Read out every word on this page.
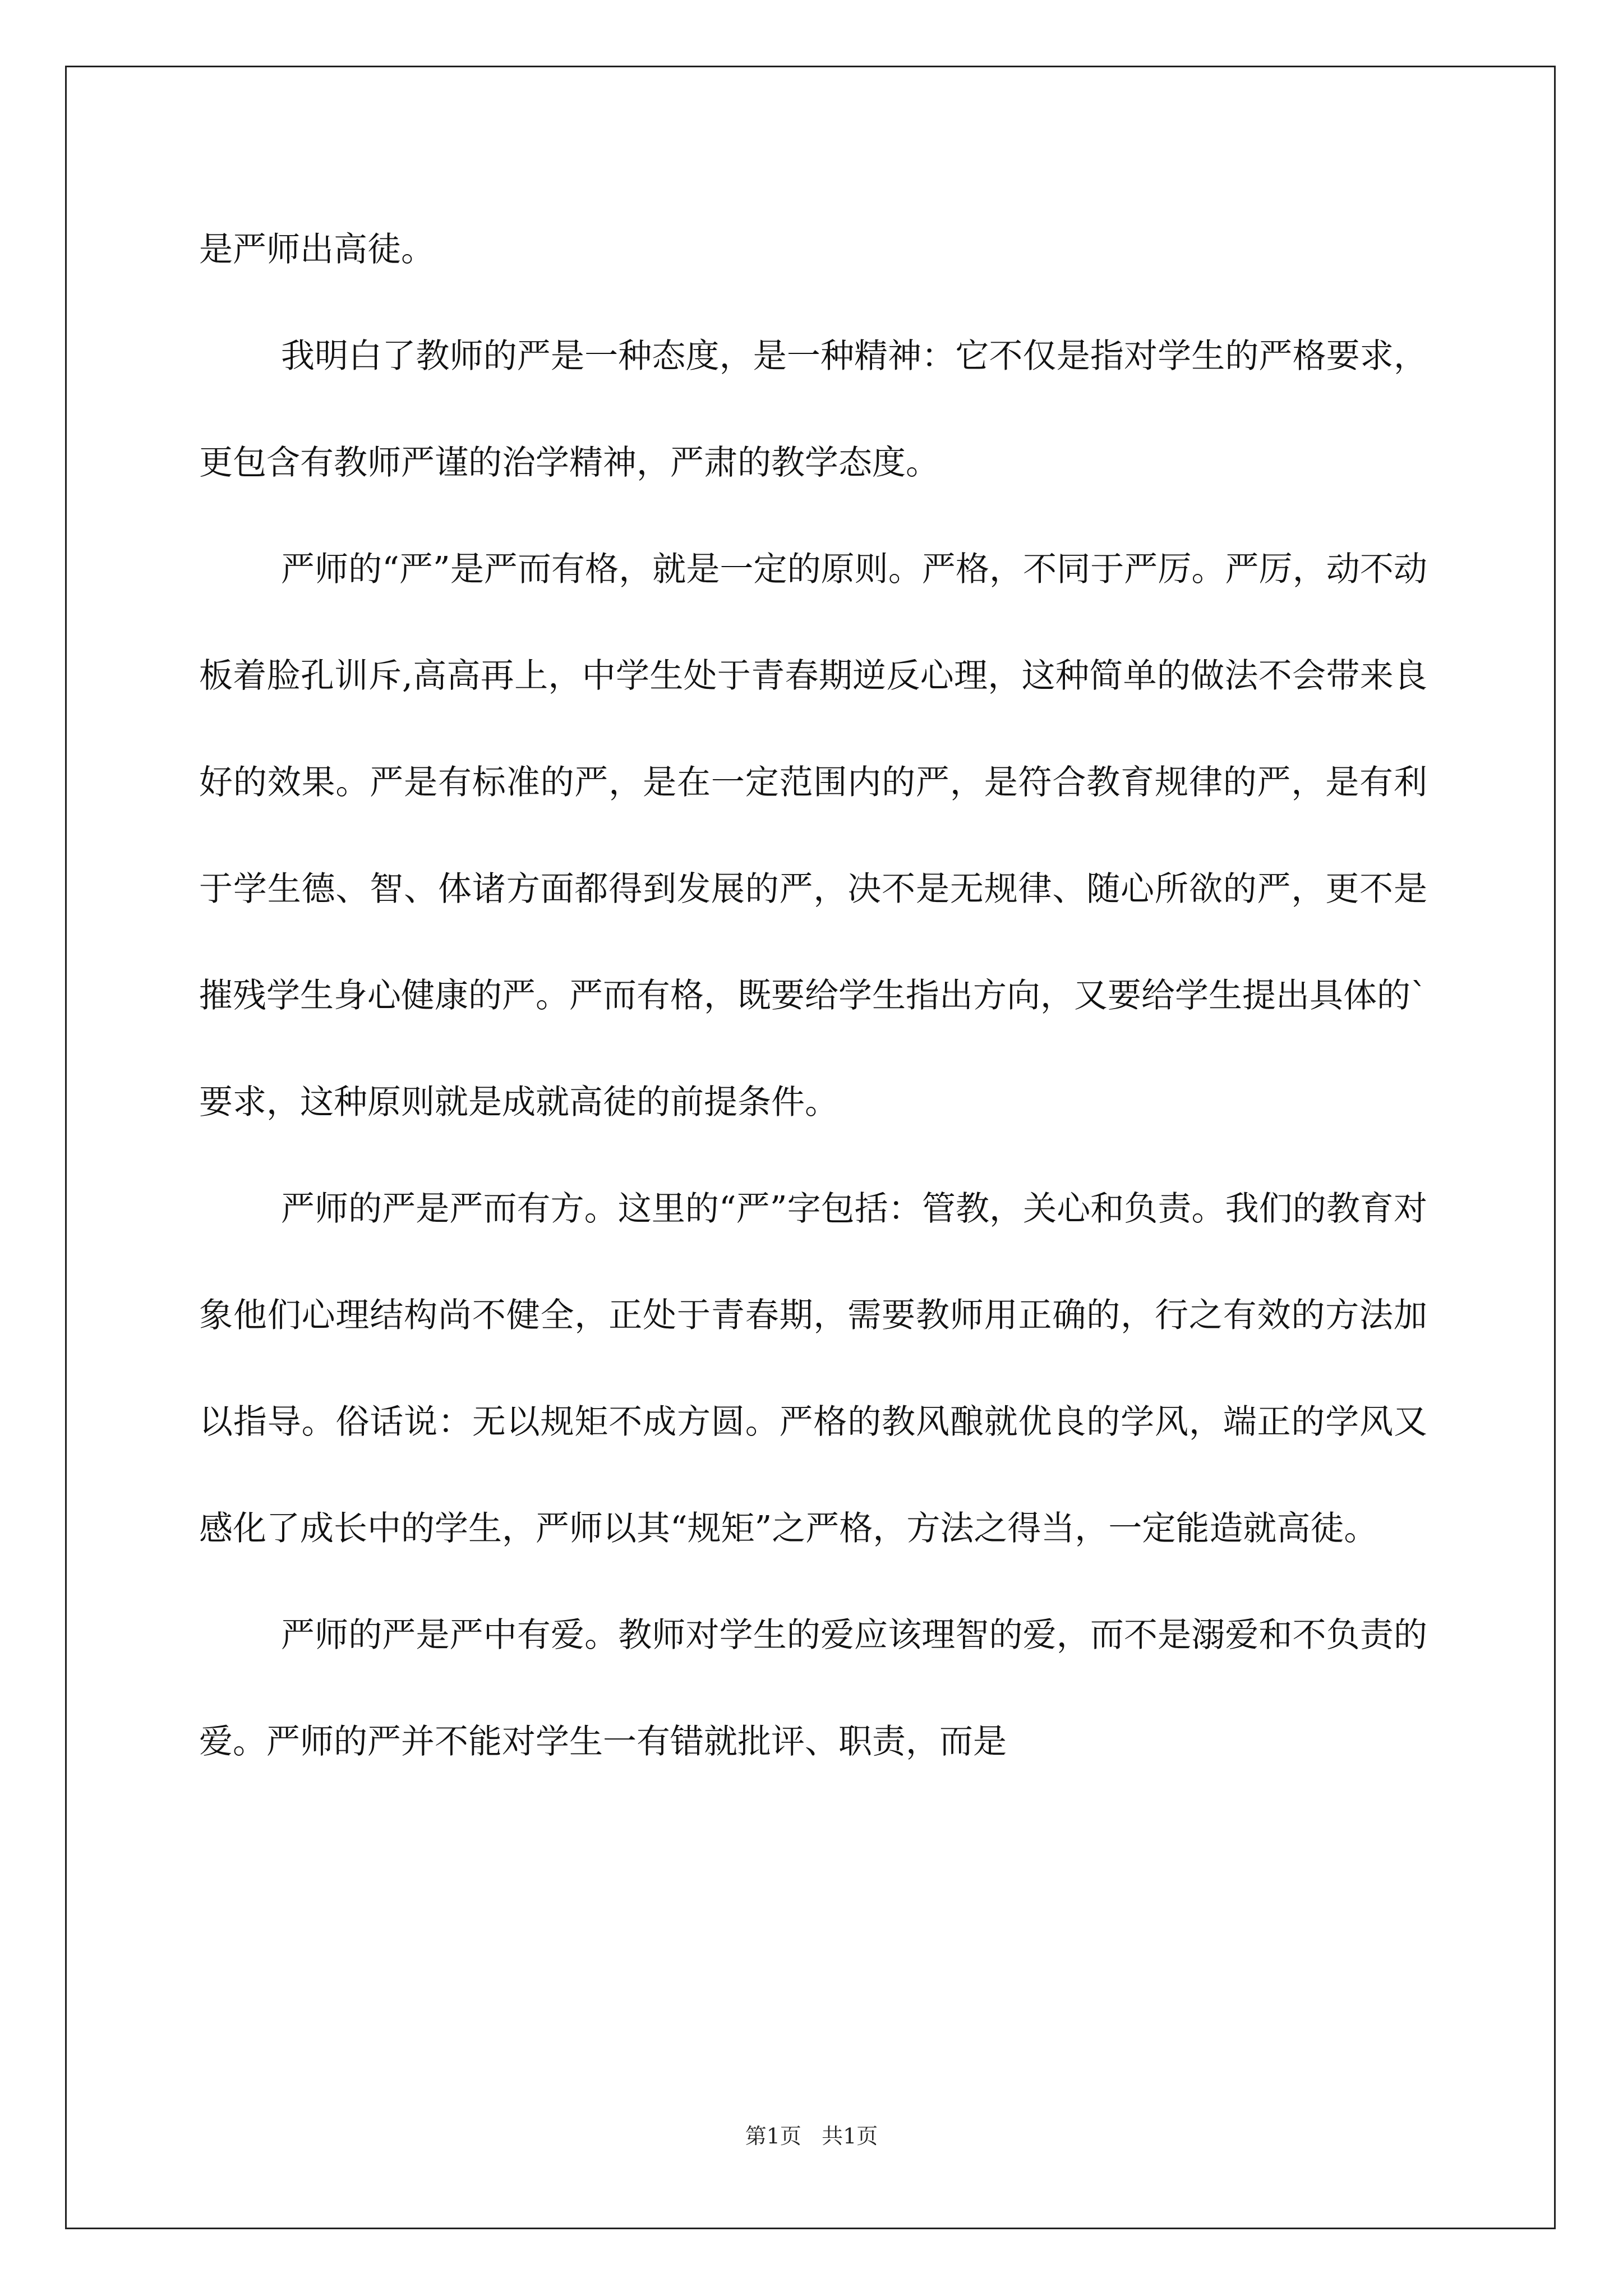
是严师出高徒。

我明白了教师的严是一种态度，是一种精神：它不仅是指对学生的严格要求，更包含有教师严谨的治学精神，严肃的教学态度。

严师的“严”是严而有格，就是一定的原则。严格，不同于严厉。严厉，动不动板着脸孔训斥,高高再上，中学生处于青春期逆反心理，这种简单的做法不会带来良好的效果。严是有标准的严，是在一定范围内的严，是符合教育规律的严，是有利于学生德、智、体诸方面都得到发展的严，决不是无规律、随心所欲的严，更不是摧残学生身心健康的严。严而有格，既要给学生指出方向，又要给学生提出具体的`要求，这种原则就是成就高徒的前提条件。

严师的严是严而有方。这里的“严”字包括：管教，关心和负责。我们的教育对象他们心理结构尚不健全，正处于青春期，需要教师用正确的，行之有效的方法加以指导。俗话说：无以规矩不成方圆。严格的教风酿就优良的学风，端正的学风又感化了成长中的学生，严师以其“规矩”之严格，方法之得当，一定能造就高徒。

严师的严是严中有爱。教师对学生的爱应该理智的爱，而不是溺爱和不负责的爱。严师的严并不能对学生一有错就批评、职责，而是

第1页 共1页
